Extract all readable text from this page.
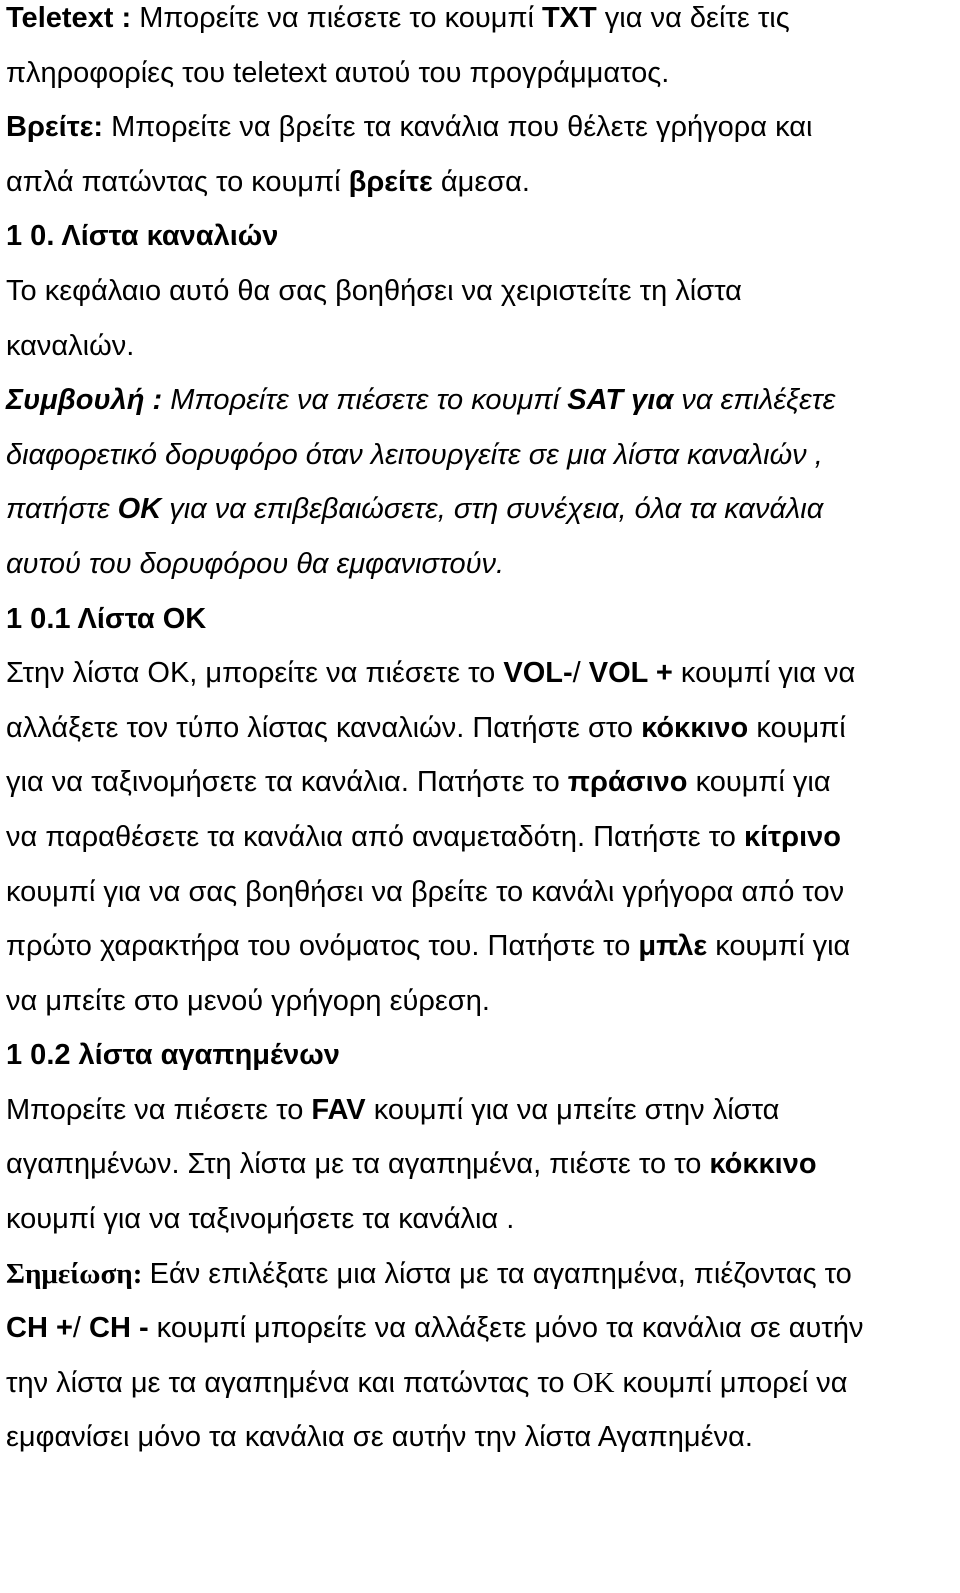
Teletext : Μπορείτε να πιέσετε το κουμπί TXT για να δείτε τις
πληροφορίες του teletext αυτού του προγράμματος.
Βρείτε: Μπορείτε να βρείτε τα κανάλια που θέλετε γρήγορα και
απλά πατώντας το κουμπί βρείτε άμεσα.
1 0. Λίστα καναλιών
Το κεφάλαιο αυτό θα σας βοηθήσει να χειριστείτε τη λίστα
καναλιών.
Συμβουλή : Μπορείτε να πιέσετε το κουμπί SAT για να επιλέξετε
διαφορετικό δορυφόρο όταν λειτουργείτε σε μια λίστα καναλιών ,
πατήστε OK για να επιβεβαιώσετε, στη συνέχεια, όλα τα κανάλια
αυτού του δορυφόρου θα εμφανιστούν.
1 0.1 Λίστα OK
Στην λίστα OK, μπορείτε να πιέσετε το VOL-/ VOL + κουμπί για να
αλλάξετε τον τύπο λίστας καναλιών. Πατήστε στο κόκκινο κουμπί
για να ταξινομήσετε τα κανάλια. Πατήστε το πράσινο κουμπί για
να παραθέσετε τα κανάλια από αναμεταδότη. Πατήστε το κίτρινο
κουμπί για να σας βοηθήσει να βρείτε το κανάλι γρήγορα από τον
πρώτο χαρακτήρα του ονόματος του. Πατήστε το μπλε κουμπί για
να μπείτε στο μενού γρήγορη εύρεση.
1 0.2 λίστα αγαπημένων
Μπορείτε να πιέσετε το FAV κουμπί για να μπείτε στην λίστα
αγαπημένων. Στη λίστα με τα αγαπημένα, πιέστε το το κόκκινο
κουμπί για να ταξινομήσετε τα κανάλια .
Σημείωση: Εάν επιλέξατε μια λίστα με τα αγαπημένα, πιέζοντας το
CH +/ CH - κουμπί μπορείτε να αλλάξετε μόνο τα κανάλια σε αυτήν
την λίστα με τα αγαπημένα και πατώντας το OK κουμπί μπορεί να
εμφανίσει μόνο τα κανάλια σε αυτήν την λίστα Αγαπημένα.
